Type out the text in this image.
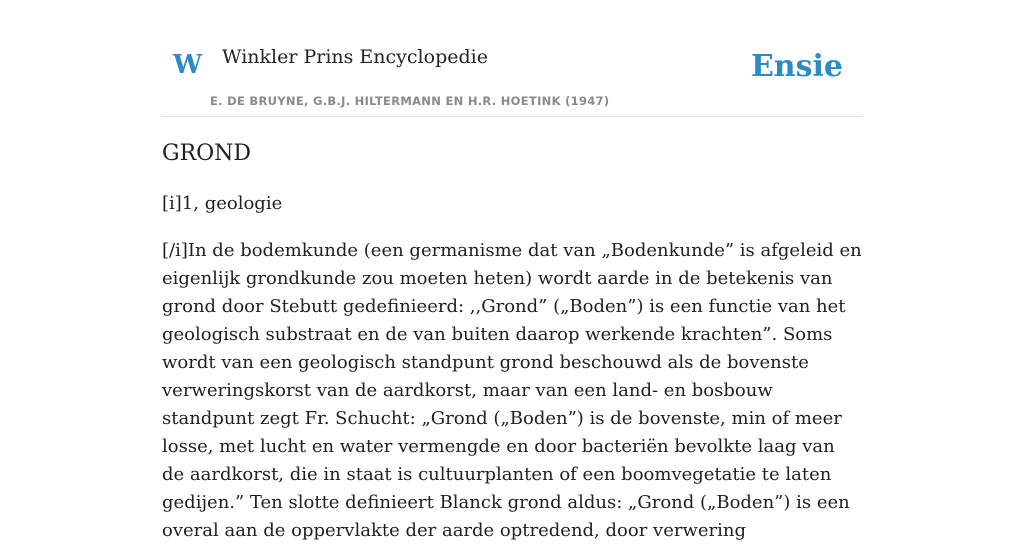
W Winkler Prins Encyclopedie
E. DE BRUYNE, G.B.J. HILTERMANN EN H.R. HOETINK (1947)
Ensie
GROND

[i]1, geologie

[/i]In de bodemkunde (een germanisme dat van „Bodenkunde” is afgeleid en eigenlijk grondkunde zou moeten heten) wordt aarde in de betekenis van grond door Stebutt gedefinieerd: ,,Grond” („Boden”) is een functie van het geologisch substraat en de van buiten daarop werkende krachten”. Soms wordt van een geologisch standpunt grond beschouwd als de bovenste verweringskorst van de aardkorst, maar van een land- en bosbouw standpunt zegt Fr. Schucht: „Grond („Boden”) is de bovenste, min of meer losse, met lucht en water vermengde en door bacteriën bevolkte laag van de aardkorst, die in staat is cultuurplanten of een boomvegetatie te laten gedijen.” Ten slotte definieert Blanck grond aldus: „Grond („Boden”) is een overal aan de oppervlakte der aarde optredend, door verwering
